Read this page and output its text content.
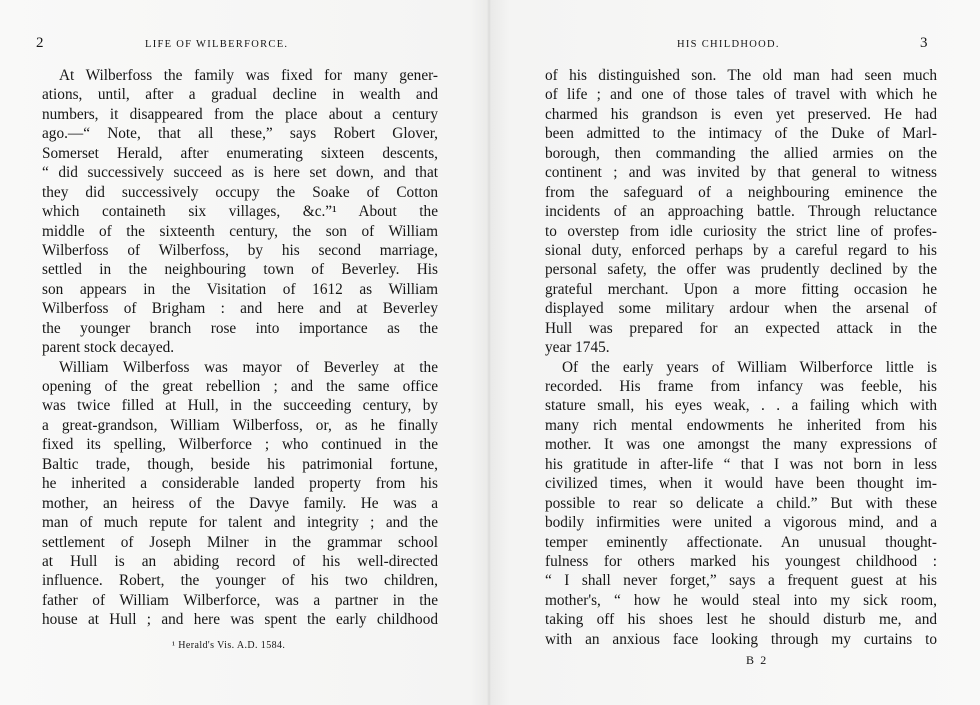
2	LIFE OF WILBERFORCE.
At Wilberfoss the family was fixed for many gener-
ations, until, after a gradual decline in wealth and
numbers, it disappeared from the place about a century
ago.—“ Note, that all these,” says Robert Glover,
Somerset Herald, after enumerating sixteen descents,
“ did successively succeed as is here set down, and that
they did successively occupy the Soake of Cotton
which containeth six villages, &c.”¹ About the
middle of the sixteenth century, the son of William
Wilberfoss of Wilberfoss, by his second marriage,
settled in the neighbouring town of Beverley. His
son appears in the Visitation of 1612 as William
Wilberfoss of Brigham : and here and at Beverley
the younger branch rose into importance as the
parent stock decayed.
William Wilberfoss was mayor of Beverley at the
opening of the great rebellion ; and the same office
was twice filled at Hull, in the succeeding century, by
a great-grandson, William Wilberfoss, or, as he finally
fixed its spelling, Wilberforce ; who continued in the
Baltic trade, though, beside his patrimonial fortune,
he inherited a considerable landed property from his
mother, an heiress of the Davye family. He was a
man of much repute for talent and integrity ; and the
settlement of Joseph Milner in the grammar school
at Hull is an abiding record of his well-directed
influence. Robert, the younger of his two children,
father of William Wilberforce, was a partner in the
house at Hull ; and here was spent the early childhood
¹ Herald's Vis. A.D. 1584.
HIS CHILDHOOD.	3
of his distinguished son. The old man had seen much
of life ; and one of those tales of travel with which he
charmed his grandson is even yet preserved. He had
been admitted to the intimacy of the Duke of Marl-
borough, then commanding the allied armies on the
continent ; and was invited by that general to witness
from the safeguard of a neighbouring eminence the
incidents of an approaching battle. Through reluctance
to overstep from idle curiosity the strict line of profes-
sional duty, enforced perhaps by a careful regard to his
personal safety, the offer was prudently declined by the
grateful merchant. Upon a more fitting occasion he
displayed some military ardour when the arsenal of
Hull was prepared for an expected attack in the
year 1745.
Of the early years of William Wilberforce little is
recorded. His frame from infancy was feeble, his
stature small, his eyes weak, . . a failing which with
many rich mental endowments he inherited from his
mother. It was one amongst the many expressions of
his gratitude in after-life “ that I was not born in less
civilized times, when it would have been thought im-
possible to rear so delicate a child.” But with these
bodily infirmities were united a vigorous mind, and a
temper eminently affectionate. An unusual thought-
fulness for others marked his youngest childhood :
“ I shall never forget,” says a frequent guest at his
mother's, “ how he would steal into my sick room,
taking off his shoes lest he should disturb me, and
with an anxious face looking through my curtains to
B 2
